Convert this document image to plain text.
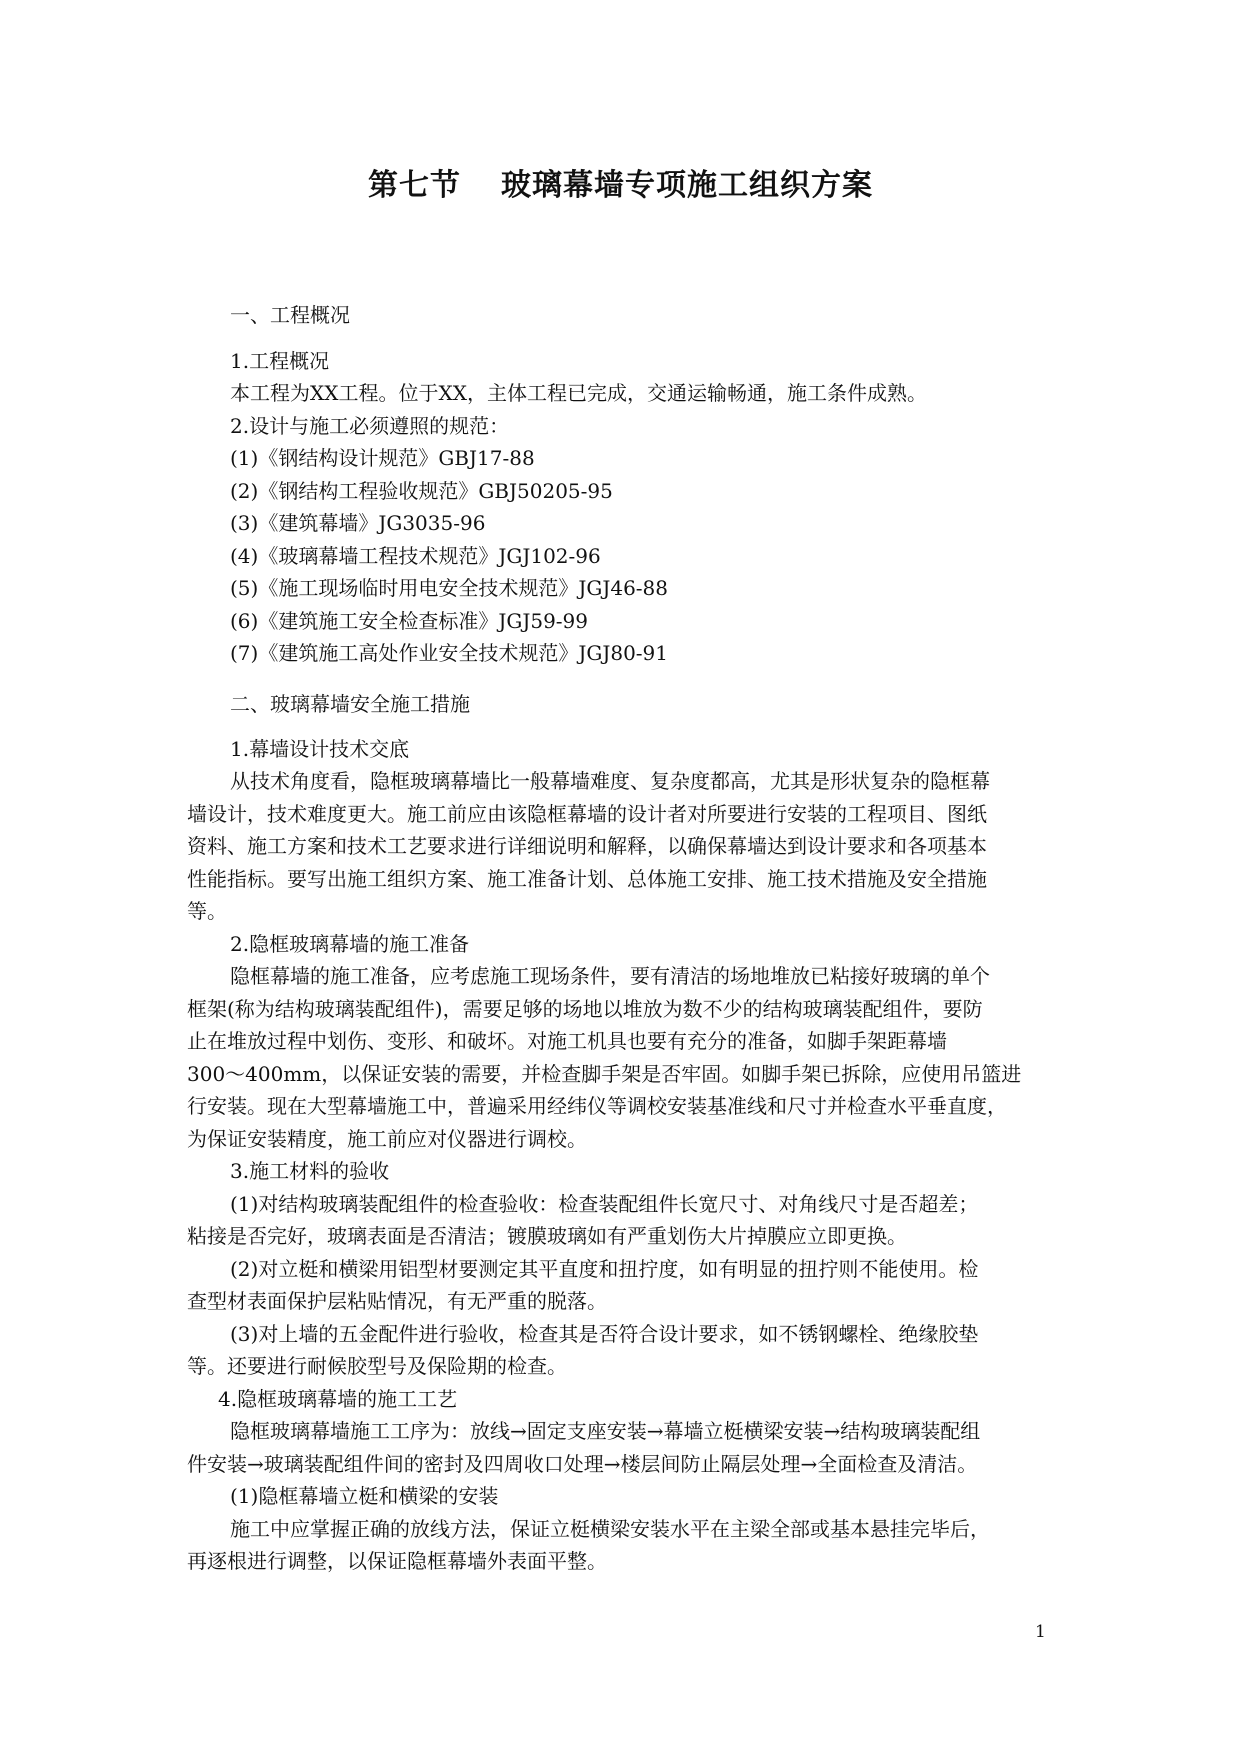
第七节 玻璃幕墙专项施工组织方案
一、工程概况
1.工程概况
本工程为XX工程。位于XX，主体工程已完成，交通运输畅通，施工条件成熟。
2.设计与施工必须遵照的规范：
(1)《钢结构设计规范》GBJ17-88
(2)《钢结构工程验收规范》GBJ50205-95
(3)《建筑幕墙》JG3035-96
(4)《玻璃幕墙工程技术规范》JGJ102-96
(5)《施工现场临时用电安全技术规范》JGJ46-88
(6)《建筑施工安全检查标准》JGJ59-99
(7)《建筑施工高处作业安全技术规范》JGJ80-91
二、玻璃幕墙安全施工措施
1.幕墙设计技术交底
从技术角度看，隐框玻璃幕墙比一般幕墙难度、复杂度都高，尤其是形状复杂的隐框幕
墙设计，技术难度更大。施工前应由该隐框幕墙的设计者对所要进行安装的工程项目、图纸
资料、施工方案和技术工艺要求进行详细说明和解释，以确保幕墙达到设计要求和各项基本
性能指标。要写出施工组织方案、施工准备计划、总体施工安排、施工技术措施及安全措施
等。
2.隐框玻璃幕墙的施工准备
隐框幕墙的施工准备，应考虑施工现场条件，要有清洁的场地堆放已粘接好玻璃的单个
框架(称为结构玻璃装配组件)，需要足够的场地以堆放为数不少的结构玻璃装配组件，要防
止在堆放过程中划伤、变形、和破坏。对施工机具也要有充分的准备，如脚手架距幕墙
300～400mm，以保证安装的需要，并检查脚手架是否牢固。如脚手架已拆除，应使用吊篮进
行安装。现在大型幕墙施工中，普遍采用经纬仪等调校安装基准线和尺寸并检查水平垂直度，
为保证安装精度，施工前应对仪器进行调校。
3.施工材料的验收
(1)对结构玻璃装配组件的检查验收：检查装配组件长宽尺寸、对角线尺寸是否超差；
粘接是否完好，玻璃表面是否清洁；镀膜玻璃如有严重划伤大片掉膜应立即更换。
(2)对立梃和横梁用铝型材要测定其平直度和扭拧度，如有明显的扭拧则不能使用。检
查型材表面保护层粘贴情况，有无严重的脱落。
(3)对上墙的五金配件进行验收，检查其是否符合设计要求，如不锈钢螺栓、绝缘胶垫
等。还要进行耐候胶型号及保险期的检查。
4.隐框玻璃幕墙的施工工艺
隐框玻璃幕墙施工工序为：放线→固定支座安装→幕墙立梃横梁安装→结构玻璃装配组
件安装→玻璃装配组件间的密封及四周收口处理→楼层间防止隔层处理→全面检查及清洁。
(1)隐框幕墙立梃和横梁的安装
施工中应掌握正确的放线方法，保证立梃横梁安装水平在主梁全部或基本悬挂完毕后，
再逐根进行调整，以保证隐框幕墙外表面平整。
1
